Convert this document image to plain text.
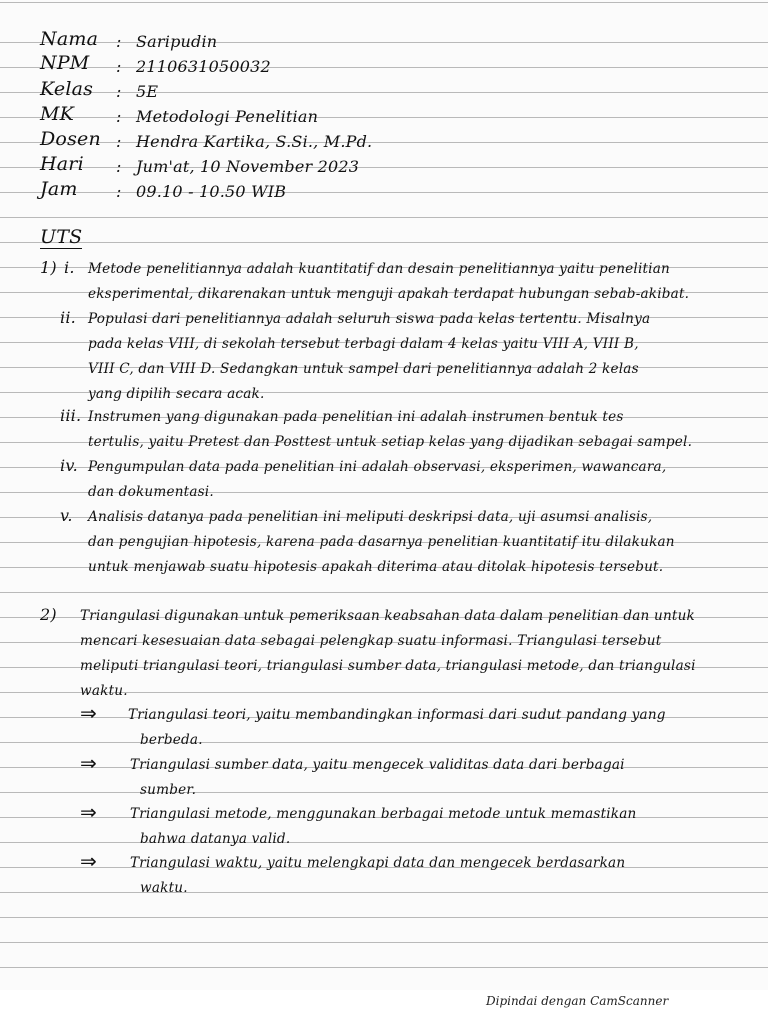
Nama : Saripudin
NPM : 2110631050032
Kelas : 5E
MK	: Metodologi Penelitian
Dosen : Hendra Kartika, S.Si., M.Pd.
Hari : Jum'at, 10 November 2023
Jam : 09.10 - 10.50 WIB
UTS
1) i. Metode penelitiannya adalah kuantitatif dan desain penelitiannya yaitu penelitian
eksperimental, dikarenakan untuk menguji apakah terdapat hubungan sebab-akibat.
ii. Populasi dari penelitiannya adalah seluruh siswa pada kelas tertentu. Misalnya
pada kelas VIII, di sekolah tersebut terbagi dalam 4 kelas yaitu VIII A, VIII B,
VIII C, dan VIII D. Sedangkan untuk sampel dari penelitiannya adalah 2 kelas
yang dipilih secara acak.
iii. Instrumen yang digunakan pada penelitian ini adalah instrumen bentuk tes
tertulis, yaitu Pretest dan Posttest untuk setiap kelas yang dijadikan sebagai sampel.
iv. Pengumpulan data pada penelitian ini adalah observasi, eksperimen, wawancara,
dan dokumentasi.
v. Analisis datanya pada penelitian ini meliputi deskripsi data, uji asumsi analisis,
dan pengujian hipotesis, karena pada dasarnya penelitian kuantitatif itu dilakukan
untuk menjawab suatu hipotesis apakah diterima atau ditolak hipotesis tersebut.
2) Triangulasi digunakan untuk pemeriksaan keabsahan data dalam penelitian dan untuk
mencari kesesuaian data sebagai pelengkap suatu informasi. Triangulasi tersebut
meliputi triangulasi teori, triangulasi sumber data, triangulasi metode, dan triangulasi
waktu.
⇒ Triangulasi teori, yaitu membandingkan informasi dari sudut pandang yang
berbeda.
⇒ Triangulasi sumber data, yaitu mengecek validitas data dari berbagai
sumber.
⇒ Triangulasi metode, menggunakan berbagai metode untuk memastikan
bahwa datanya valid.
⇒ Triangulasi waktu, yaitu melengkapi data dan mengecek berdasarkan
waktu.
Dipindai dengan CamScanner
